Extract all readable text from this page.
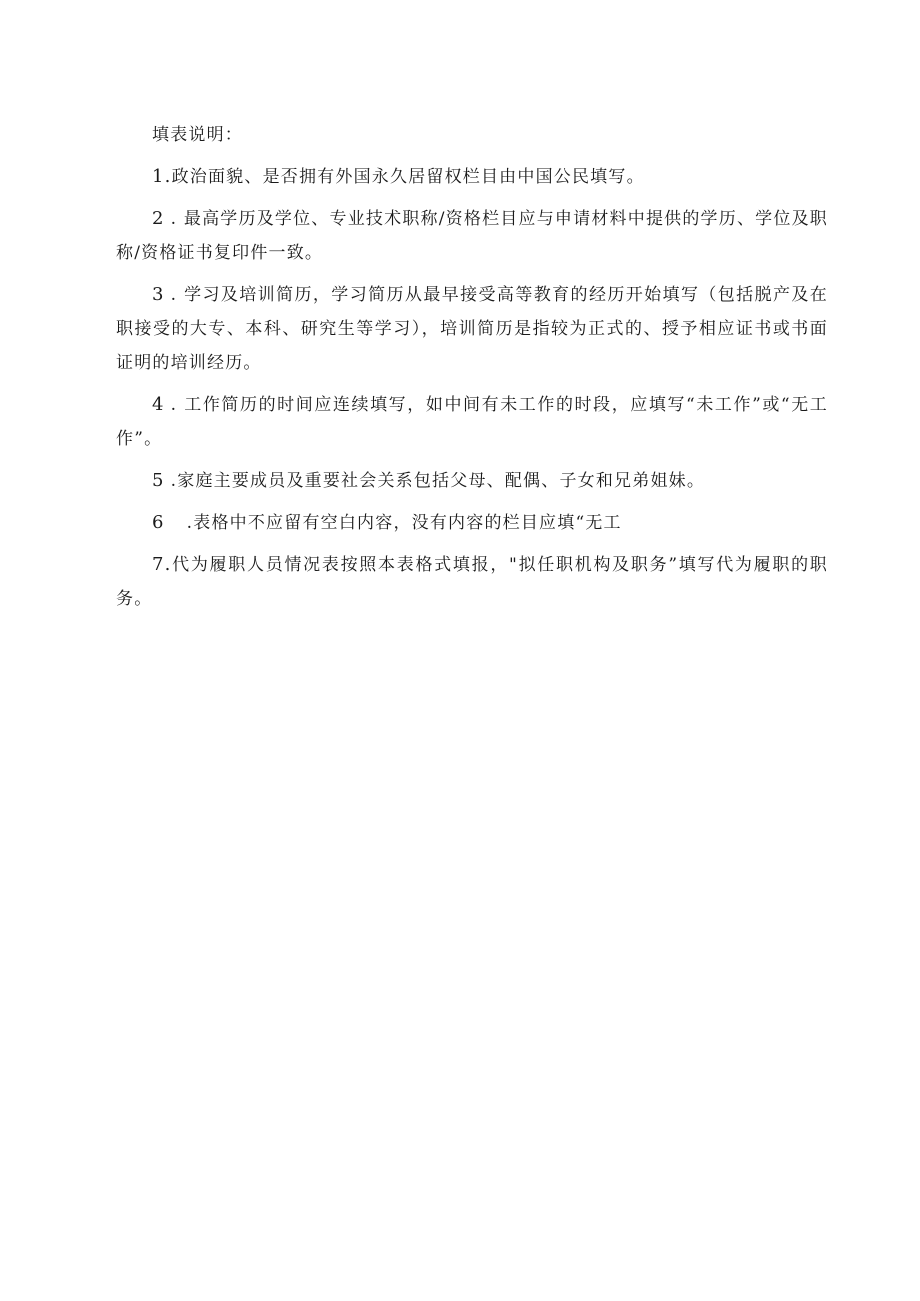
填表说明：

1.政治面貌、是否拥有外国永久居留权栏目由中国公民填写。

2 . 最高学历及学位、专业技术职称/资格栏目应与申请材料中提供的学历、学位及职称/资格证书复印件一致。

3 . 学习及培训简历，学习简历从最早接受高等教育的经历开始填写（包括脱产及在职接受的大专、本科、研究生等学习），培训简历是指较为正式的、授予相应证书或书面证明的培训经历。

4 . 工作简历的时间应连续填写，如中间有未工作的时段，应填写“未工作”或“无工作”。

5 .家庭主要成员及重要社会关系包括父母、配偶、子女和兄弟姐妹。

6 .表格中不应留有空白内容，没有内容的栏目应填“无工

7.代为履职人员情况表按照本表格式填报，"拟任职机构及职务”填写代为履职的职务。
